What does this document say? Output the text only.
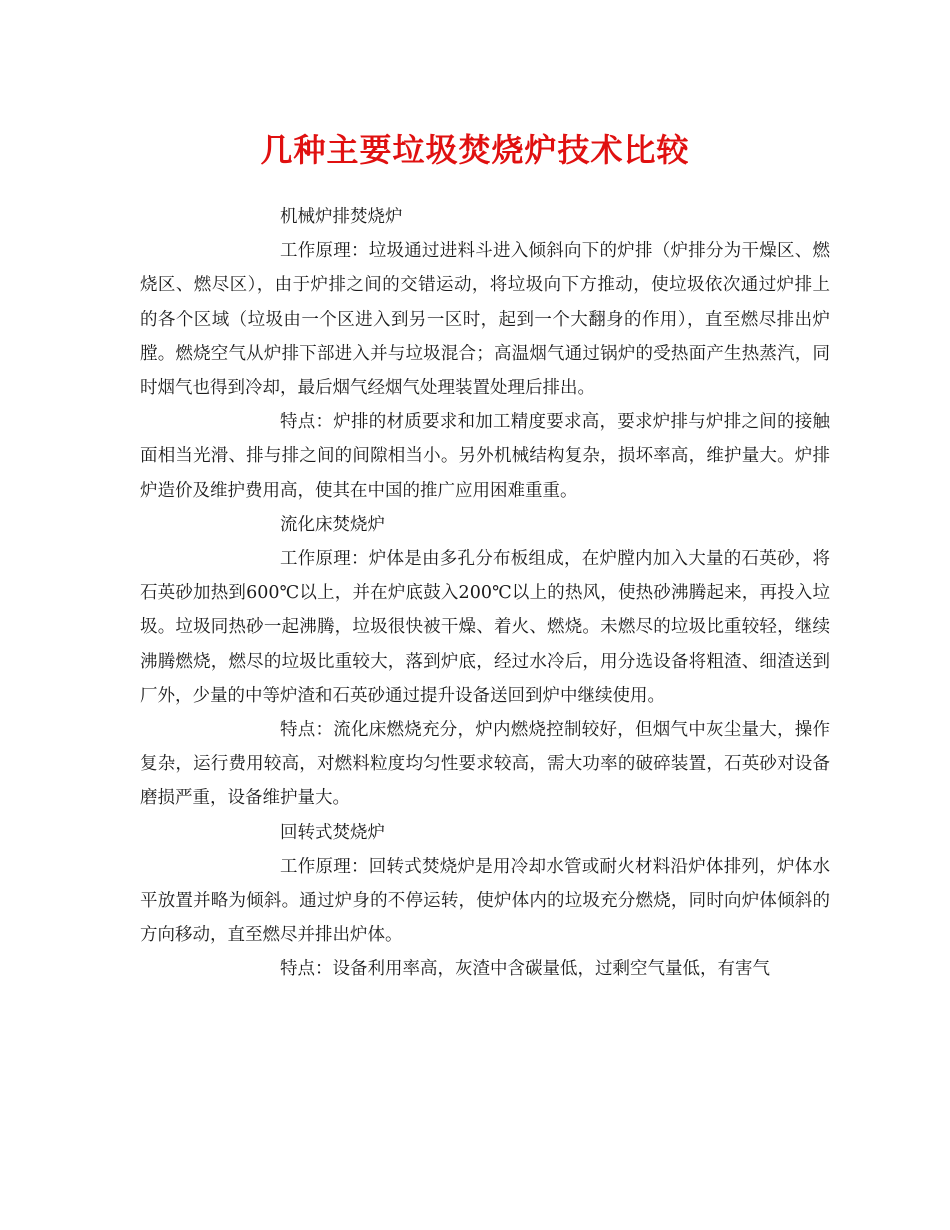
几种主要垃圾焚烧炉技术比较
机械炉排焚烧炉

工作原理：垃圾通过进料斗进入倾斜向下的炉排（炉排分为干燥区、燃烧区、燃尽区），由于炉排之间的交错运动，将垃圾向下方推动，使垃圾依次通过炉排上的各个区域（垃圾由一个区进入到另一区时，起到一个大翻身的作用），直至燃尽排出炉膛。燃烧空气从炉排下部进入并与垃圾混合；高温烟气通过锅炉的受热面产生热蒸汽，同时烟气也得到冷却，最后烟气经烟气处理装置处理后排出。

特点：炉排的材质要求和加工精度要求高，要求炉排与炉排之间的接触面相当光滑、排与排之间的间隙相当小。另外机械结构复杂，损坏率高，维护量大。炉排炉造价及维护费用高，使其在中国的推广应用困难重重。

流化床焚烧炉

工作原理：炉体是由多孔分布板组成，在炉膛内加入大量的石英砂，将石英砂加热到600℃以上，并在炉底鼓入200℃以上的热风，使热砂沸腾起来，再投入垃圾。垃圾同热砂一起沸腾，垃圾很快被干燥、着火、燃烧。未燃尽的垃圾比重较轻，继续沸腾燃烧，燃尽的垃圾比重较大，落到炉底，经过水冷后，用分选设备将粗渣、细渣送到厂外，少量的中等炉渣和石英砂通过提升设备送回到炉中继续使用。

特点：流化床燃烧充分，炉内燃烧控制较好，但烟气中灰尘量大，操作复杂，运行费用较高，对燃料粒度均匀性要求较高，需大功率的破碎装置，石英砂对设备磨损严重，设备维护量大。

回转式焚烧炉

工作原理：回转式焚烧炉是用冷却水管或耐火材料沿炉体排列，炉体水平放置并略为倾斜。通过炉身的不停运转，使炉体内的垃圾充分燃烧，同时向炉体倾斜的方向移动，直至燃尽并排出炉体。

特点：设备利用率高，灰渣中含碳量低，过剩空气量低，有害气
